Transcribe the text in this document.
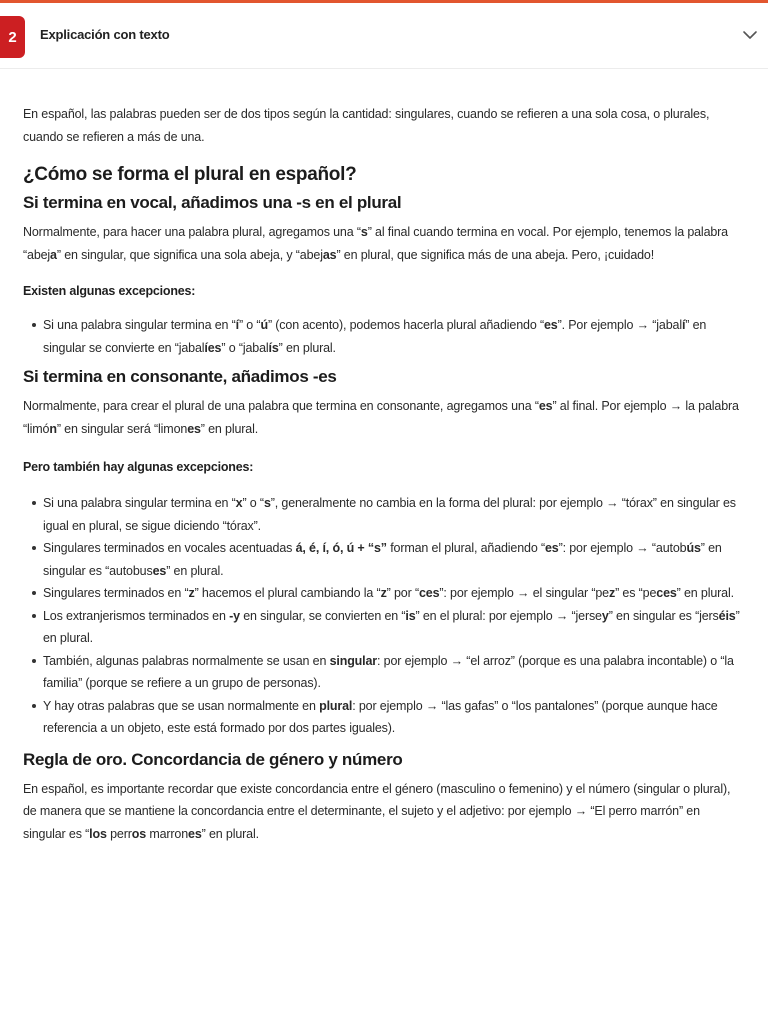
2	Explicación con texto

En español, las palabras pueden ser de dos tipos según la cantidad: singulares, cuando se refieren a una sola cosa, o plurales, cuando se refieren a más de una.

¿Cómo se forma el plural en español?
Si termina en vocal, añadimos una -s en el plural

Normalmente, para hacer una palabra plural, agregamos una “s” al final cuando termina en vocal. Por ejemplo, tenemos la palabra “abeja” en singular, que significa una sola abeja, y “abejas” en plural, que significa más de una abeja. Pero, ¡cuidado!

Existen algunas excepciones:

Si una palabra singular termina en “í” o “ú” (con acento), podemos hacerla plural añadiendo “es”. Por ejemplo → “jabalí” en singular se convierte en “jabalíes” o “jabalís” en plural.
Si termina en consonante, añadimos -es

Normalmente, para crear el plural de una palabra que termina en consonante, agregamos una “es” al final. Por ejemplo → la palabra “limón” en singular será “limones” en plural.

Pero también hay algunas excepciones:

Si una palabra singular termina en “x” o “s”, generalmente no cambia en la forma del plural: por ejemplo → “tórax” en singular es igual en plural, se sigue diciendo “tórax”.
Singulares terminados en vocales acentuadas á, é, í, ó, ú + “s” forman el plural, añadiendo “es”: por ejemplo → “autobús” en singular es “autobuses” en plural.
Singulares terminados en “z” hacemos el plural cambiando la “z” por “ces”: por ejemplo → el singular “pez” es “peces” en plural.
Los extranjerismos terminados en -y en singular, se convierten en “is” en el plural: por ejemplo → “jersey” en singular es “jerséis” en plural.
También, algunas palabras normalmente se usan en singular: por ejemplo → “el arroz” (porque es una palabra incontable) o “la familia” (porque se refiere a un grupo de personas).
Y hay otras palabras que se usan normalmente en plural: por ejemplo → “las gafas” o “los pantalones” (porque aunque hace referencia a un objeto, este está formado por dos partes iguales).
Regla de oro. Concordancia de género y número

En español, es importante recordar que existe concordancia entre el género (masculino o femenino) y el número (singular o plural), de manera que se mantiene la concordancia entre el determinante, el sujeto y el adjetivo: por ejemplo → “El perro marrón” en singular es “los perros marrones” en plural.
